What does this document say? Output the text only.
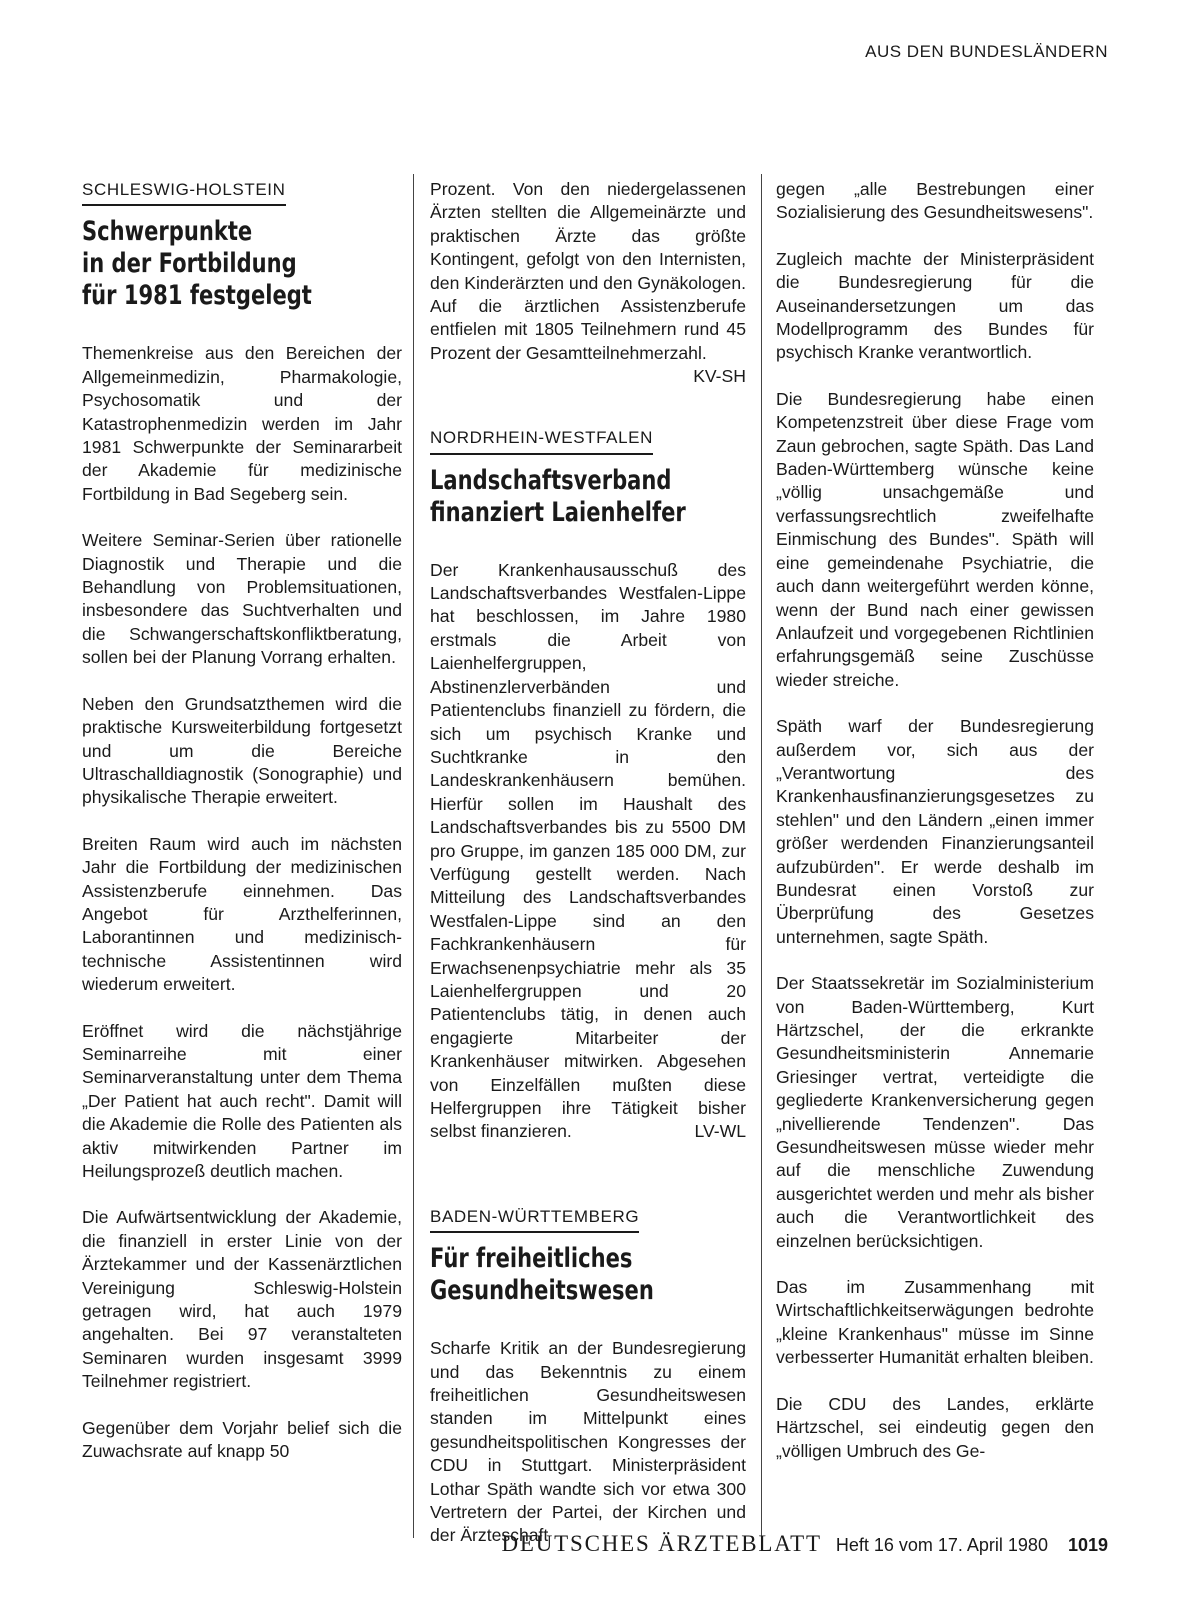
AUS DEN BUNDESLÄNDERN
SCHLESWIG-HOLSTEIN
Schwerpunkte
in der Fortbildung
für 1981 festgelegt

Themenkreise aus den Bereichen der Allgemeinmedizin, Pharmakologie, Psychosomatik und der Katastrophenmedizin werden im Jahr 1981 Schwerpunkte der Seminararbeit der Akademie für medizinische Fortbildung in Bad Segeberg sein.

Weitere Seminar-Serien über rationelle Diagnostik und Therapie und die Behandlung von Problemsituationen, insbesondere das Suchtverhalten und die Schwangerschaftskonfliktberatung, sollen bei der Planung Vorrang erhalten.

Neben den Grundsatzthemen wird die praktische Kursweiterbildung fortgesetzt und um die Bereiche Ultraschalldiagnostik (Sonographie) und physikalische Therapie erweitert.

Breiten Raum wird auch im nächsten Jahr die Fortbildung der medizinischen Assistenzberufe einnehmen. Das Angebot für Arzthelferinnen, Laborantinnen und medizinisch-technische Assistentinnen wird wiederum erweitert.

Eröffnet wird die nächstjährige Seminarreihe mit einer Seminarveranstaltung unter dem Thema „Der Patient hat auch recht". Damit will die Akademie die Rolle des Patienten als aktiv mitwirkenden Partner im Heilungsprozeß deutlich machen.

Die Aufwärtsentwicklung der Akademie, die finanziell in erster Linie von der Ärztekammer und der Kassenärztlichen Vereinigung Schleswig-Holstein getragen wird, hat auch 1979 angehalten. Bei 97 veranstalteten Seminaren wurden insgesamt 3999 Teilnehmer registriert.

Gegenüber dem Vorjahr belief sich die Zuwachsrate auf knapp 50

Prozent. Von den niedergelassenen Ärzten stellten die Allgemeinärzte und praktischen Ärzte das größte Kontingent, gefolgt von den Internisten, den Kinderärzten und den Gynäkologen. Auf die ärztlichen Assistenzberufe entfielen mit 1805 Teilnehmern rund 45 Prozent der Gesamtteilnehmerzahl.
KV-SH

NORDRHEIN-WESTFALEN
Landschaftsverband
finanziert Laienhelfer

Der Krankenhausausschuß des Landschaftsverbandes Westfalen-Lippe hat beschlossen, im Jahre 1980 erstmals die Arbeit von Laienhelfergruppen, Abstinenzlerverbänden und Patientenclubs finanziell zu fördern, die sich um psychisch Kranke und Suchtkranke in den Landeskrankenhäusern bemühen. Hierfür sollen im Haushalt des Landschaftsverbandes bis zu 5500 DM pro Gruppe, im ganzen 185 000 DM, zur Verfügung gestellt werden. Nach Mitteilung des Landschaftsverbandes Westfalen-Lippe sind an den Fachkrankenhäusern für Erwachsenenpsychiatrie mehr als 35 Laienhelfergruppen und 20 Patientenclubs tätig, in denen auch engagierte Mitarbeiter der Krankenhäuser mitwirken. Abgesehen von Einzelfällen mußten diese Helfergruppen ihre Tätigkeit bisher selbst finanzieren.	LV-WL

BADEN-WÜRTTEMBERG
Für freiheitliches
Gesundheitswesen

Scharfe Kritik an der Bundesregierung und das Bekenntnis zu einem freiheitlichen Gesundheitswesen standen im Mittelpunkt eines gesundheitspolitischen Kongresses der CDU in Stuttgart. Ministerpräsident Lothar Späth wandte sich vor etwa 300 Vertretern der Partei, der Kirchen und der Ärzteschaft

gegen „alle Bestrebungen einer Sozialisierung des Gesundheitswesens".

Zugleich machte der Ministerpräsident die Bundesregierung für die Auseinandersetzungen um das Modellprogramm des Bundes für psychisch Kranke verantwortlich.

Die Bundesregierung habe einen Kompetenzstreit über diese Frage vom Zaun gebrochen, sagte Späth. Das Land Baden-Württemberg wünsche keine „völlig unsachgemäße und verfassungsrechtlich zweifelhafte Einmischung des Bundes". Späth will eine gemeindenahe Psychiatrie, die auch dann weitergeführt werden könne, wenn der Bund nach einer gewissen Anlaufzeit und vorgegebenen Richtlinien erfahrungsgemäß seine Zuschüsse wieder streiche.

Späth warf der Bundesregierung außerdem vor, sich aus der „Verantwortung des Krankenhausfinanzierungsgesetzes zu stehlen" und den Ländern „einen immer größer werdenden Finanzierungsanteil aufzubürden". Er werde deshalb im Bundesrat einen Vorstoß zur Überprüfung des Gesetzes unternehmen, sagte Späth.

Der Staatssekretär im Sozialministerium von Baden-Württemberg, Kurt Härtzschel, der die erkrankte Gesundheitsministerin Annemarie Griesinger vertrat, verteidigte die gegliederte Krankenversicherung gegen „nivellierende Tendenzen". Das Gesundheitswesen müsse wieder mehr auf die menschliche Zuwendung ausgerichtet werden und mehr als bisher auch die Verantwortlichkeit des einzelnen berücksichtigen.

Das im Zusammenhang mit Wirtschaftlichkeitserwägungen bedrohte „kleine Krankenhaus" müsse im Sinne verbesserter Humanität erhalten bleiben.

Die CDU des Landes, erklärte Härtzschel, sei eindeutig gegen den „völligen Umbruch des Ge-

DEUTSCHES ÄRZTEBLATT Heft 16 vom 17. April 1980 1019
